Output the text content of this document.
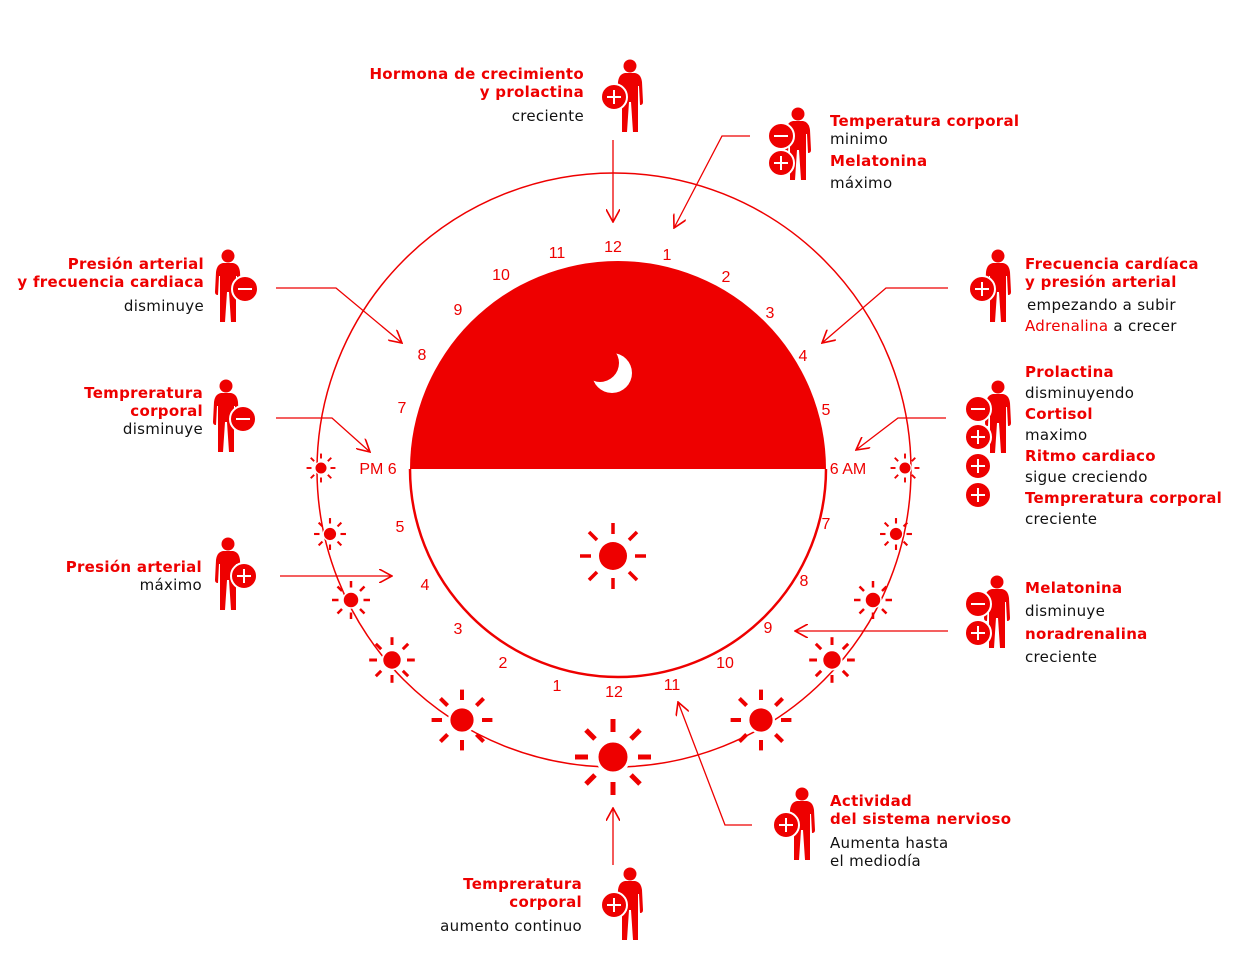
7
8
9
10
11 12	1
2
3
4
5
PM 6	6 AM
7
8
9
10
11
12
1
2
3
4
5
Hormona de crecimiento
y prolactina
creciente	Temperatura corporal
minimo
Melatonina
máximo
Frecuencia cardíaca
y presión arterial
empezando a subir
Adrenalina a crecer
Prolactina
disminuyendo
Cortisol
maximo
Ritmo cardiaco
sigue creciendo
Tempreratura corporal
creciente
Melatonina
disminuye
noradrenalina
creciente
Actividad
del sistema nervioso
Aumenta hasta
el mediodía
Tempreratura
corporal
aumento continuo
Presión arterial
y frecuencia cardiaca
disminuye
Tempreratura
corporal
disminuye
Presión arterial
máximo
